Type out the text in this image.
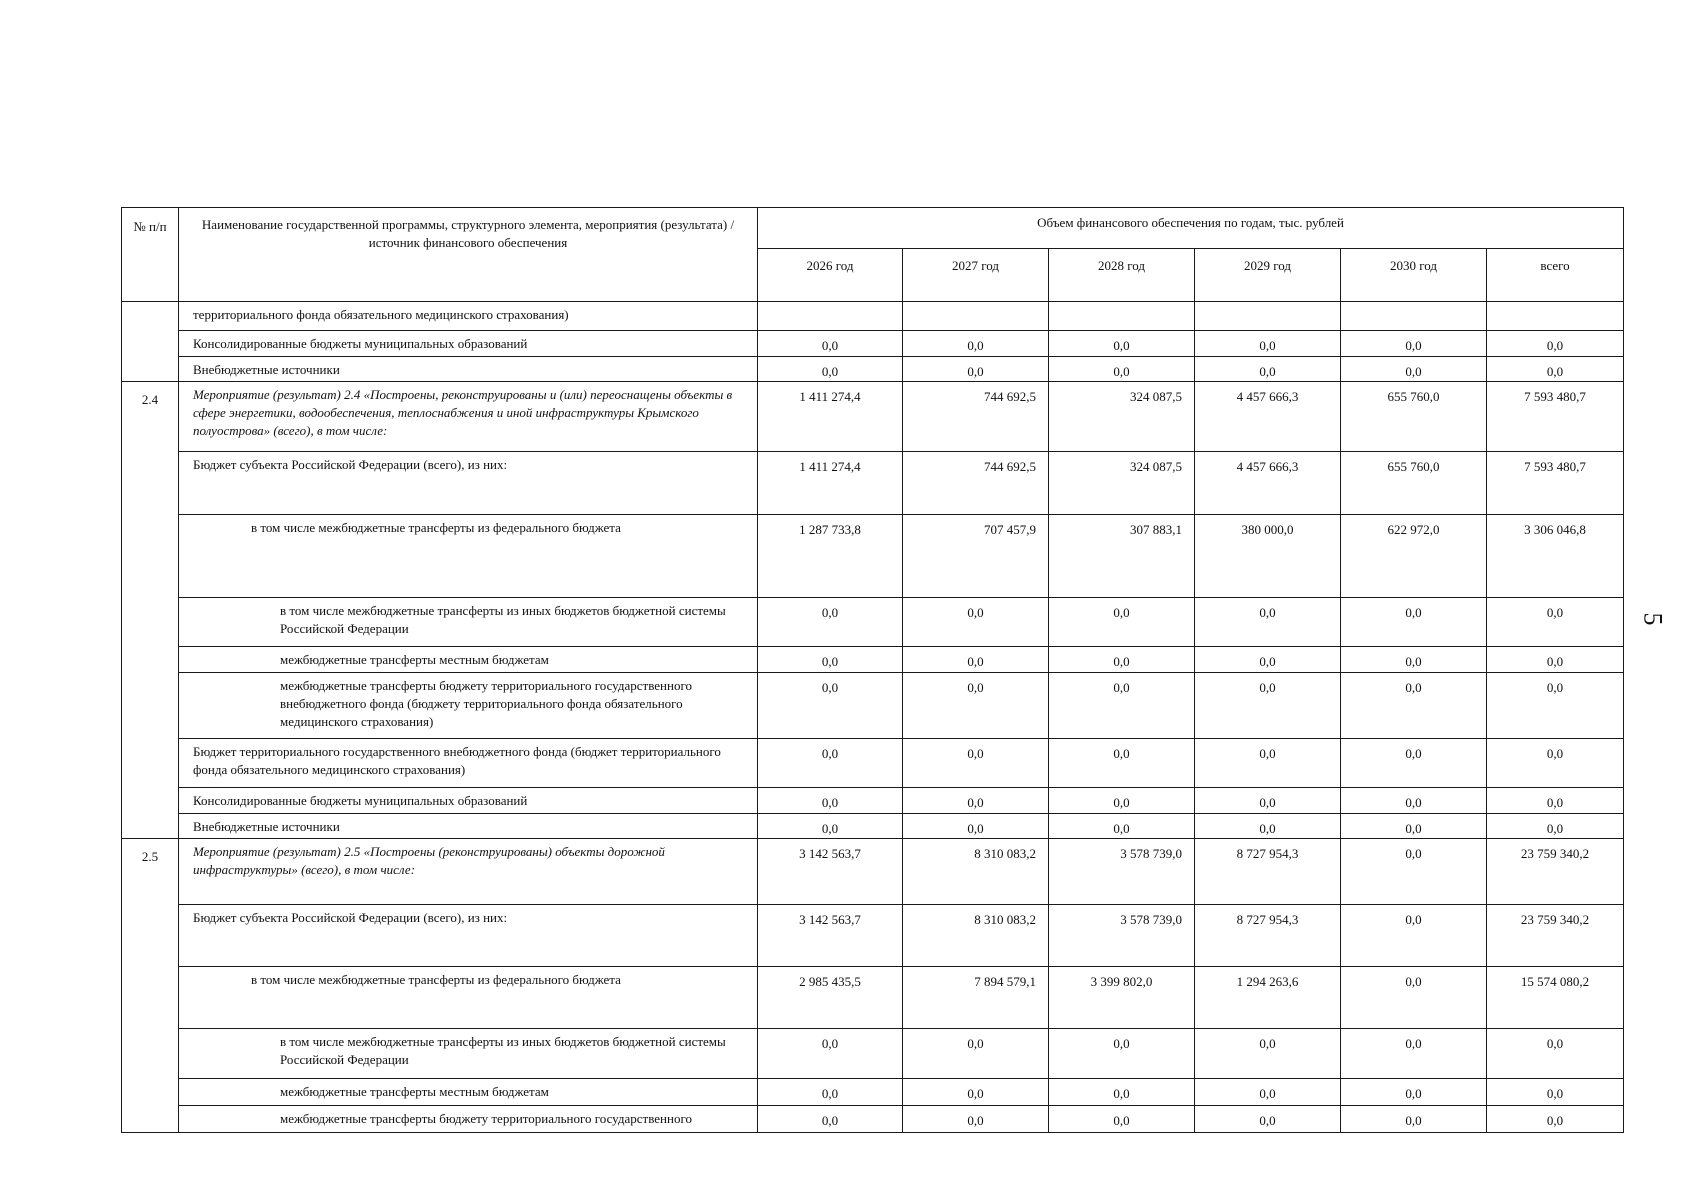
№ п/п	Наименование государственной программы, структурного элемента, мероприятия (результата) / источник финансового обеспечения	Объем финансового обеспечения по годам, тыс. рублей					
		2026 год	2027 год	2028 год	2029 год	2030 год	всего
	территориального фонда обязательного медицинского страхования)						
	Консолидированные бюджеты муниципальных образований	0,0	0,0	0,0	0,0	0,0	0,0
	Внебюджетные источники	0,0	0,0	0,0	0,0	0,0	0,0
2.4	Мероприятие (результат) 2.4 «Построены, реконструированы и (или) переоснащены объекты в сфере энергетики, водообеспечения, теплоснабжения и иной инфраструктуры Крымского полуострова» (всего), в том числе:	1 411 274,4	744 692,5	324 087,5	4 457 666,3	655 760,0	7 593 480,7
	Бюджет субъекта Российской Федерации (всего), из них:	1 411 274,4	744 692,5	324 087,5	4 457 666,3	655 760,0	7 593 480,7
	в том числе межбюджетные трансферты из федерального бюджета	1 287 733,8	707 457,9	307 883,1	380 000,0	622 972,0	3 306 046,8
	в том числе межбюджетные трансферты из иных бюджетов бюджетной системы Российской Федерации	0,0	0,0	0,0	0,0	0,0	0,0
	межбюджетные трансферты местным бюджетам	0,0	0,0	0,0	0,0	0,0	0,0
	межбюджетные трансферты бюджету территориального государственного внебюджетного фонда (бюджету территориального фонда обязательного медицинского страхования)	0,0	0,0	0,0	0,0	0,0	0,0
	Бюджет территориального государственного внебюджетного фонда (бюджет территориального фонда обязательного медицинского страхования)	0,0	0,0	0,0	0,0	0,0	0,0
	Консолидированные бюджеты муниципальных образований	0,0	0,0	0,0	0,0	0,0	0,0
	Внебюджетные источники	0,0	0,0	0,0	0,0	0,0	0,0
2.5	Мероприятие (результат) 2.5 «Построены (реконструированы) объекты дорожной инфраструктуры» (всего), в том числе:	3 142 563,7	8 310 083,2	3 578 739,0	8 727 954,3	0,0	23 759 340,2
	Бюджет субъекта Российской Федерации (всего), из них:	3 142 563,7	8 310 083,2	3 578 739,0	8 727 954,3	0,0	23 759 340,2
	в том числе межбюджетные трансферты из федерального бюджета	2 985 435,5	7 894 579,1	3 399 802,0	1 294 263,6	0,0	15 574 080,2
	в том числе межбюджетные трансферты из иных бюджетов бюджетной системы Российской Федерации	0,0	0,0	0,0	0,0	0,0	0,0
	межбюджетные трансферты местным бюджетам	0,0	0,0	0,0	0,0	0,0	0,0
	межбюджетные трансферты бюджету территориального государственного	0,0	0,0	0,0	0,0	0,0	0,0
5
